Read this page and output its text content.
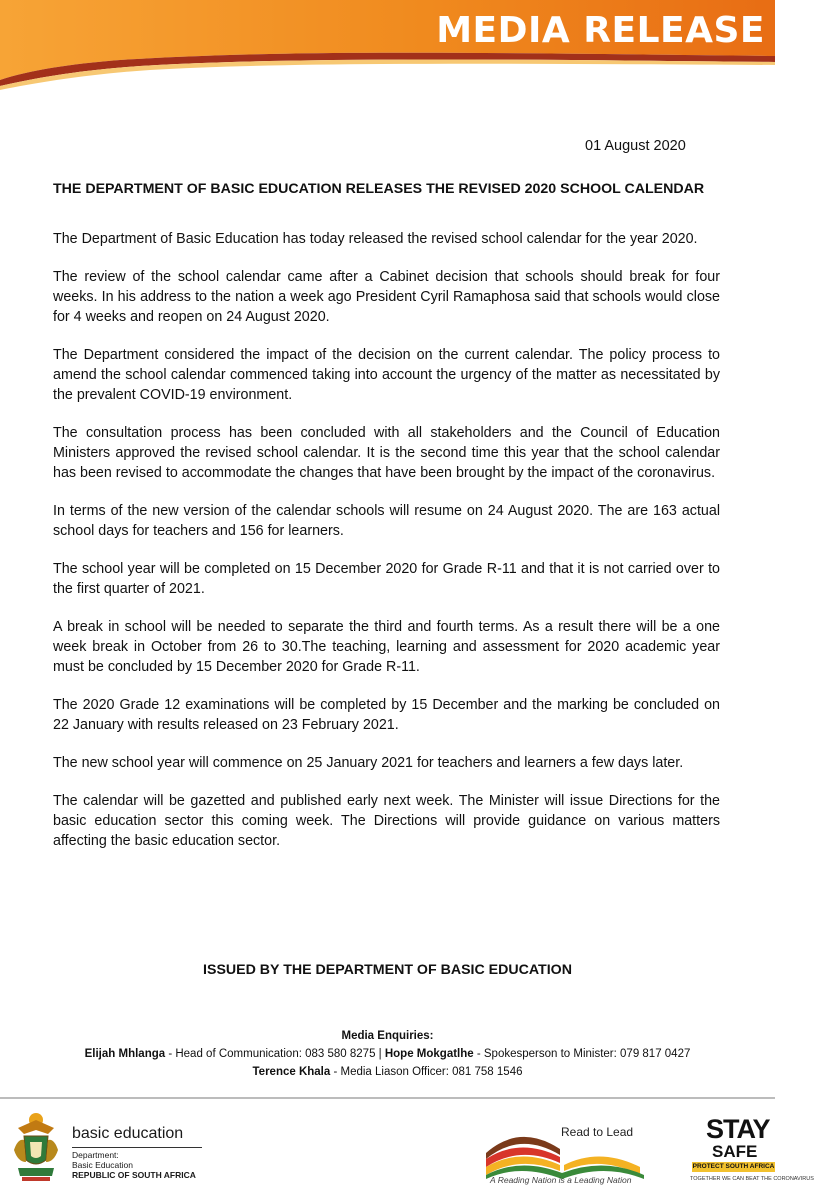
MEDIA RELEASE
01 August 2020
THE DEPARTMENT OF BASIC EDUCATION RELEASES THE REVISED 2020 SCHOOL CALENDAR

The Department of Basic Education has today released the revised school calendar for the year 2020.

The review of the school calendar came after a Cabinet decision that schools should break for four weeks. In his address to the nation a week ago President Cyril Ramaphosa said that schools would close for 4 weeks and reopen on 24 August 2020.

The Department considered the impact of the decision on the current calendar. The policy process to amend the school calendar commenced taking into account the urgency of the matter as necessitated by the prevalent COVID-19 environment.

The consultation process has been concluded with all stakeholders and the Council of Education Ministers approved the revised school calendar. It is the second time this year that the school calendar has been revised to accommodate the changes that have been brought by the impact of the coronavirus.

In terms of the new version of the calendar schools will resume on 24 August 2020. The are 163 actual school days for teachers and 156 for learners.

The school year will be completed on 15 December 2020 for Grade R-11 and that it is not carried over to the first quarter of 2021.

A break in school will be needed to separate the third and fourth terms. As a result there will be a one week break in October from 26 to 30.The teaching, learning and assessment for 2020 academic year must be concluded by 15 December 2020 for Grade R-11.

The 2020 Grade 12 examinations will be completed by 15 December and the marking be concluded on 22 January with results released on 23 February 2021.

The new school year will commence on 25 January 2021 for teachers and learners a few days later.

The calendar will be gazetted and published early next week. The Minister will issue Directions for the basic education sector this coming week. The Directions will provide guidance on various matters affecting the basic education sector.

ISSUED BY THE DEPARTMENT OF BASIC EDUCATION
Media Enquiries:
Elijah Mhlanga - Head of Communication: 083 580 8275 | Hope Mokgatlhe - Spokesperson to Minister: 079 817 0427
Terence Khala - Media Liason Officer: 081 758 1546
basic education
Department:
Basic Education
REPUBLIC OF SOUTH AFRICA
Read to Lead
A Reading Nation is a Leading Nation
STAY
SAFE
PROTECT SOUTH AFRICA
TOGETHER WE CAN BEAT THE CORONAVIRUS
